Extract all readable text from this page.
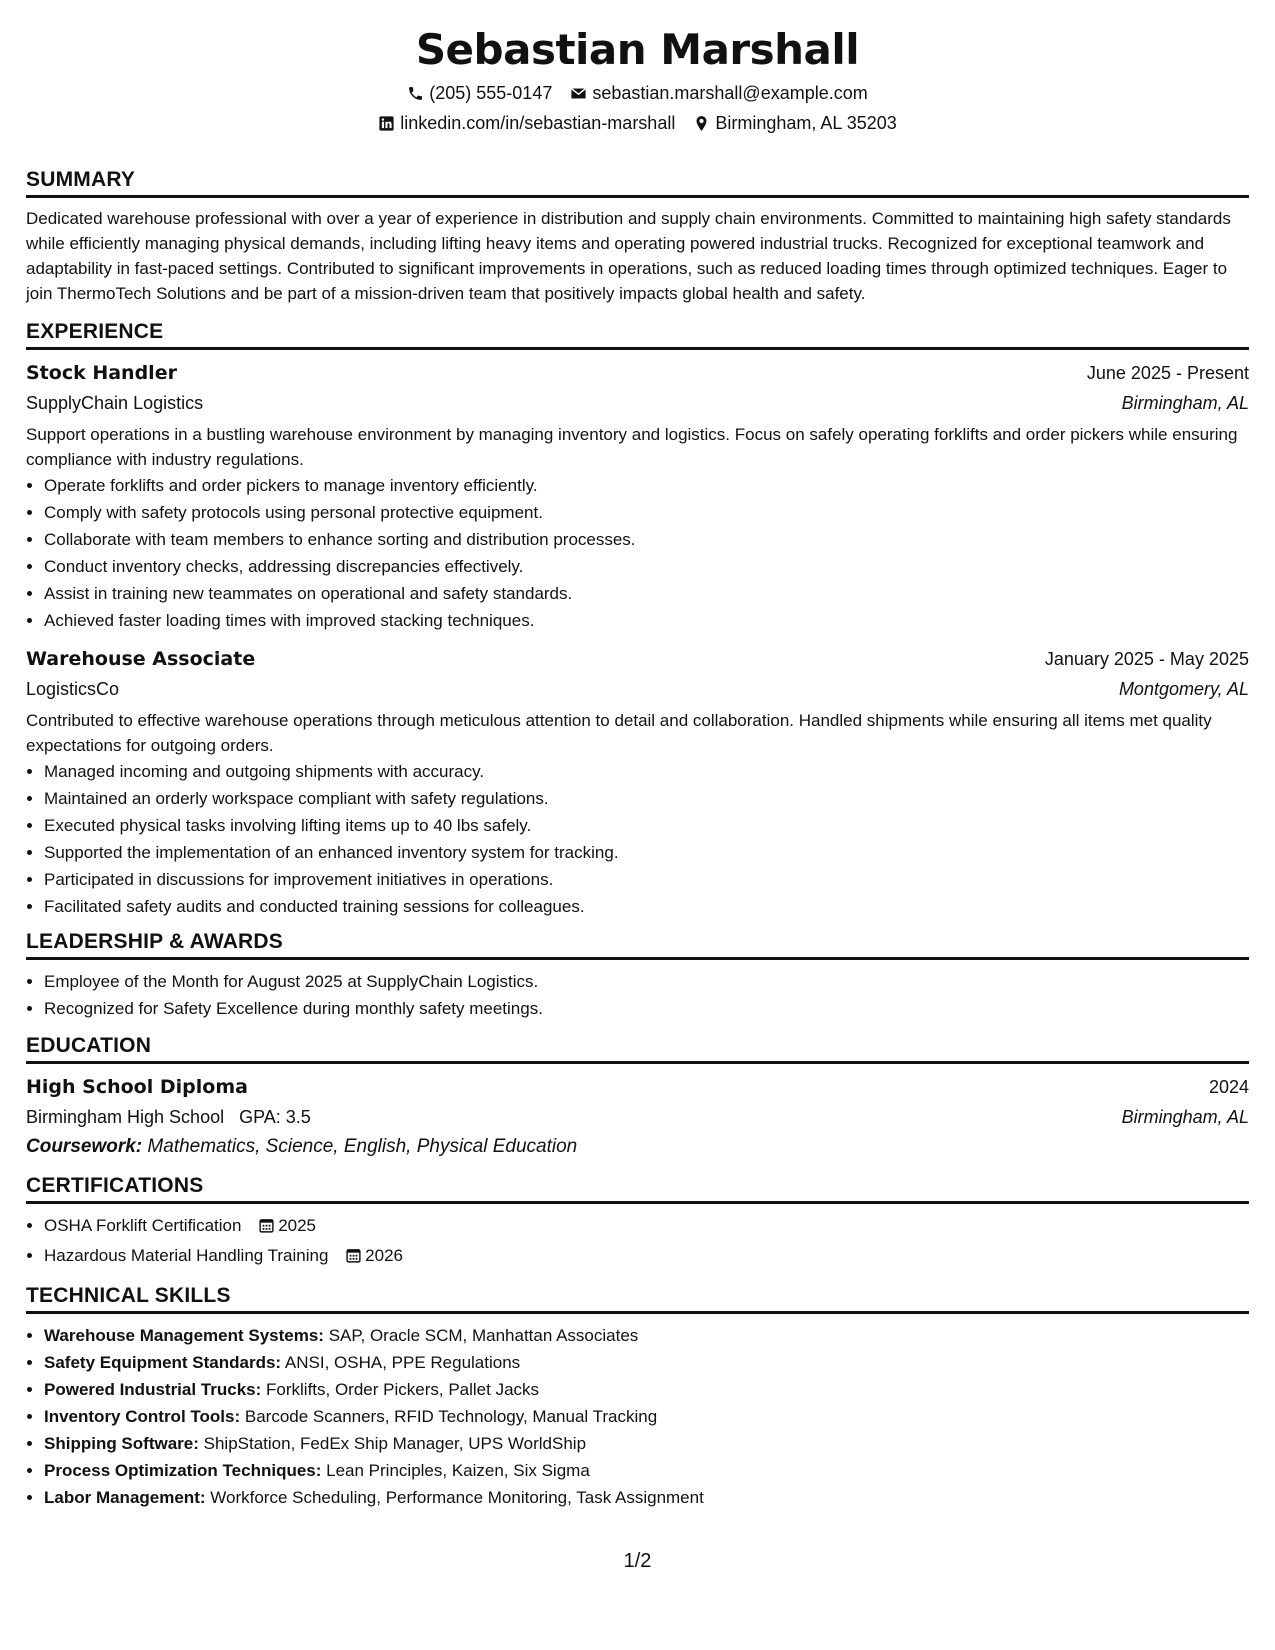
Sebastian Marshall
(205) 555-0147 sebastian.marshall@example.com
linkedin.com/in/sebastian-marshall Birmingham, AL 35203
SUMMARY

Dedicated warehouse professional with over a year of experience in distribution and supply chain environments. Committed to maintaining high safety standards while efficiently managing physical demands, including lifting heavy items and operating powered industrial trucks. Recognized for exceptional teamwork and adaptability in fast-paced settings. Contributed to significant improvements in operations, such as reduced loading times through optimized techniques. Eager to join ThermoTech Solutions and be part of a mission-driven team that positively impacts global health and safety.

EXPERIENCE
Stock Handler	June 2025 - Present
SupplyChain Logistics	Birmingham, AL
Support operations in a bustling warehouse environment by managing inventory and logistics. Focus on safely operating forklifts and order pickers while ensuring compliance with industry regulations.
• Operate forklifts and order pickers to manage inventory efficiently.
• Comply with safety protocols using personal protective equipment.
• Collaborate with team members to enhance sorting and distribution processes.
• Conduct inventory checks, addressing discrepancies effectively.
• Assist in training new teammates on operational and safety standards.
• Achieved faster loading times with improved stacking techniques.
Warehouse Associate	January 2025 - May 2025
LogisticsCo	Montgomery, AL
Contributed to effective warehouse operations through meticulous attention to detail and collaboration. Handled shipments while ensuring all items met quality expectations for outgoing orders.
• Managed incoming and outgoing shipments with accuracy.
• Maintained an orderly workspace compliant with safety regulations.
• Executed physical tasks involving lifting items up to 40 lbs safely.
• Supported the implementation of an enhanced inventory system for tracking.
• Participated in discussions for improvement initiatives in operations.
• Facilitated safety audits and conducted training sessions for colleagues.
LEADERSHIP & AWARDS
• Employee of the Month for August 2025 at SupplyChain Logistics.
• Recognized for Safety Excellence during monthly safety meetings.
EDUCATION
High School Diploma	2024
Birmingham High School GPA: 3.5	Birmingham, AL
Coursework: Mathematics, Science, English, Physical Education
CERTIFICATIONS
• OSHA Forklift Certification 2025
• Hazardous Material Handling Training 2026
TECHNICAL SKILLS
• Warehouse Management Systems: SAP, Oracle SCM, Manhattan Associates
• Safety Equipment Standards: ANSI, OSHA, PPE Regulations
• Powered Industrial Trucks: Forklifts, Order Pickers, Pallet Jacks
• Inventory Control Tools: Barcode Scanners, RFID Technology, Manual Tracking
• Shipping Software: ShipStation, FedEx Ship Manager, UPS WorldShip
• Process Optimization Techniques: Lean Principles, Kaizen, Six Sigma
• Labor Management: Workforce Scheduling, Performance Monitoring, Task Assignment
1/2
